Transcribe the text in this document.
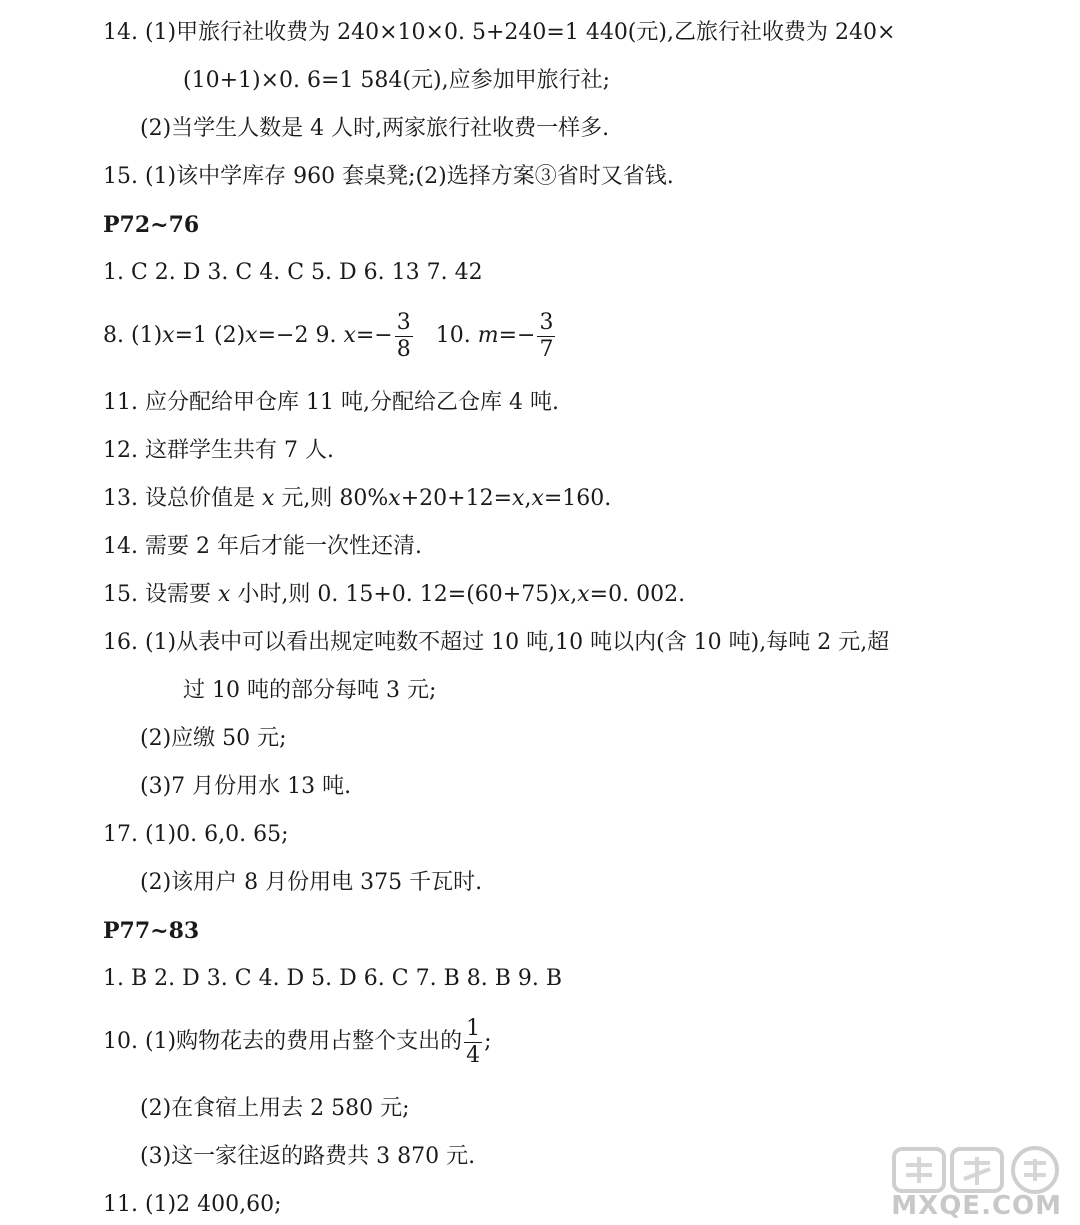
14. (1)甲旅行社收费为 240×10×0. 5+240=1 440(元),乙旅行社收费为 240×
(10+1)×0. 6=1 584(元),应参加甲旅行社;
(2)当学生人数是 4 人时,两家旅行社收费一样多.
15. (1)该中学库存 960 套桌凳;(2)选择方案③省时又省钱.
P72~76
1. C 2. D 3. C 4. C 5. D 6. 13 7. 42
8. (1)x=1 (2)x=−2 9. $x=- \frac{3}{8} 10$. $m=- \frac{3}{7}$
11. 应分配给甲仓库 11 吨,分配给乙仓库 4 吨.
12. 这群学生共有 7 人.
13. 设总价值是 x 元,则 80%x+20+12=x,x=160.
14. 需要 2 年后才能一次性还清.
15. 设需要 x 小时,则 0. 15+0. 12=(60+75)x,x=0. 002.
16. (1)从表中可以看出规定吨数不超过 10 吨,10 吨以内(含 10 吨),每吨 2 元,超
过 10 吨的部分每吨 3 元;
(2)应缴 50 元;
(3)7 月份用水 13 吨.
17. (1)0. 6,0. 65;
(2)该用户 8 月份用电 375 千瓦时.
P77~83
1. B 2. D 3. C 4. D 5. D 6. C 7. B 8. B 9. B
10. (1)购物花去的费用占整个支出的 $\frac{1}{4}$ ;
(2)在食宿上用去 2 580 元;
(3)这一家往返的路费共 3 870 元.
11. (1)2 400,60;	MXQE.COM
